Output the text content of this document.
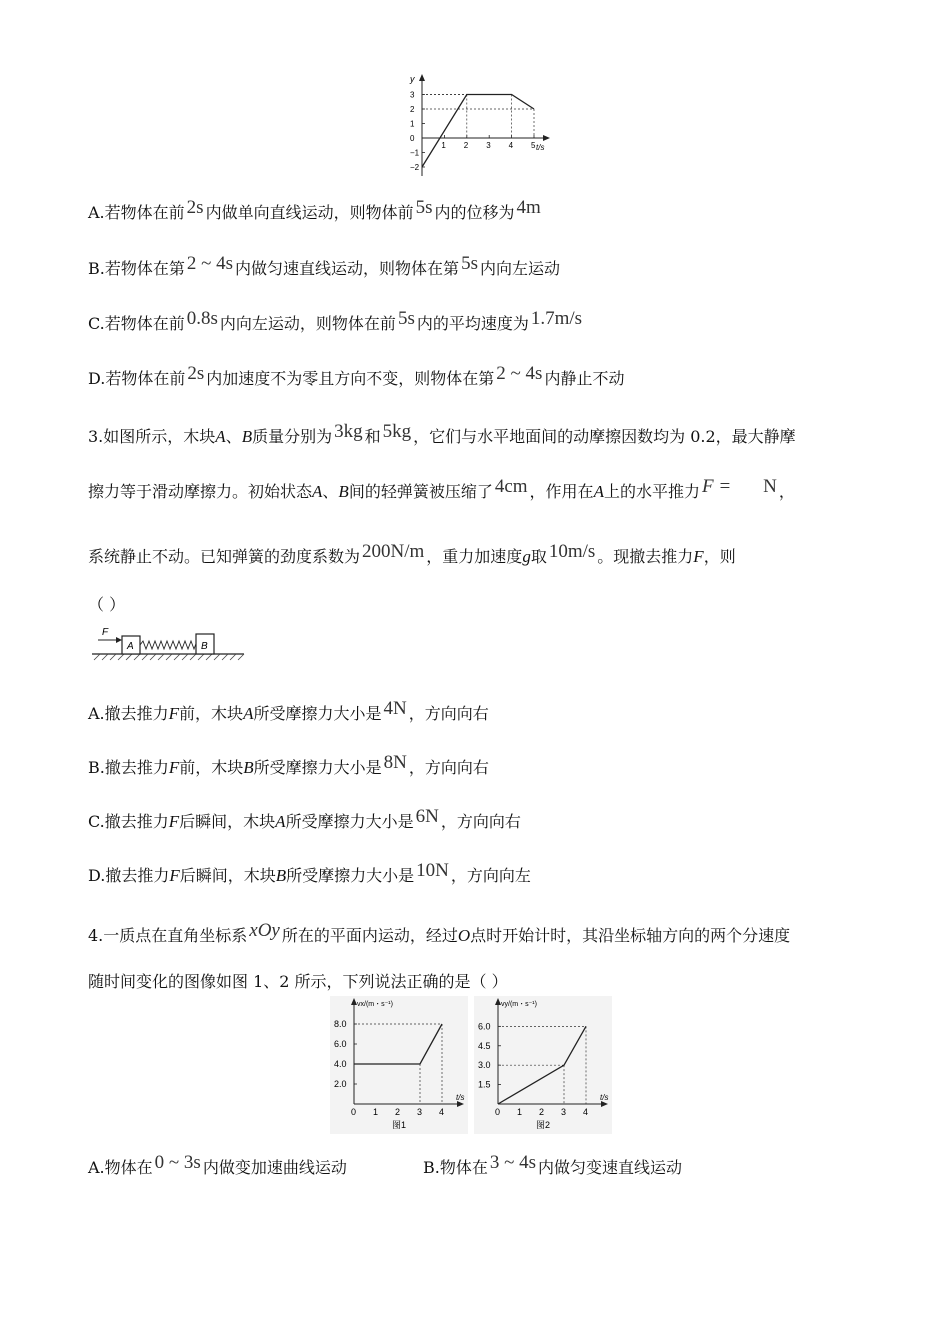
y
t/s
1 2 3 4 5
3
2
1
0
−1
−2
A.若物体在前 2s 内做单向直线运动，则物体前 5s 内的位移为 4m
B.若物体在第 2 ~ 4s 内做匀速直线运动，则物体在第 5s 内向左运动
C.若物体在前 0.8s 内向左运动，则物体在前 5s 内的平均速度为 1.7m/s
D.若物体在前 2s 内加速度不为零且方向不变，则物体在第 2 ~ 4s 内静止不动
3.如图所示，木块A、B质量分别为 3kg 和 5kg ，它们与水平地面间的动摩擦因数均为 0.2，最大静摩
擦力等于滑动摩擦力。初始状态A、B间的轻弹簧被压缩了 4cm ，作用在A上的水平推力 F = N ，
系统静止不动。已知弹簧的劲度系数为 200N/m ，重力加速度g取 10m/s 。现撤去推力F，则
（ ）
F
A	B
A.撤去推力F前，木块A所受摩擦力大小是 4N ，方向向右
B.撤去推力F前，木块B所受摩擦力大小是 8N ，方向向右
C.撤去推力F后瞬间，木块A所受摩擦力大小是 6N ，方向向右
D.撤去推力F后瞬间，木块B所受摩擦力大小是 10N ，方向向左
4.一质点在直角坐标系 xOy 所在的平面内运动，经过O点时开始计时，其沿坐标轴方向的两个分速度
随时间变化的图像如图 1、2 所示，下列说法正确的是（ ）
vx/(m・s⁻¹)
t/s
0 1 2 3 4
8.0
6.0
4.0
2.0
图1
vy/(m・s⁻¹)
t/s
0 1 2 3 4
6.0
4.5
3.0
1.5
图2
A.物体在 0 ~ 3s 内做变加速曲线运动	B.物体在 3 ~ 4s 内做匀变速直线运动
